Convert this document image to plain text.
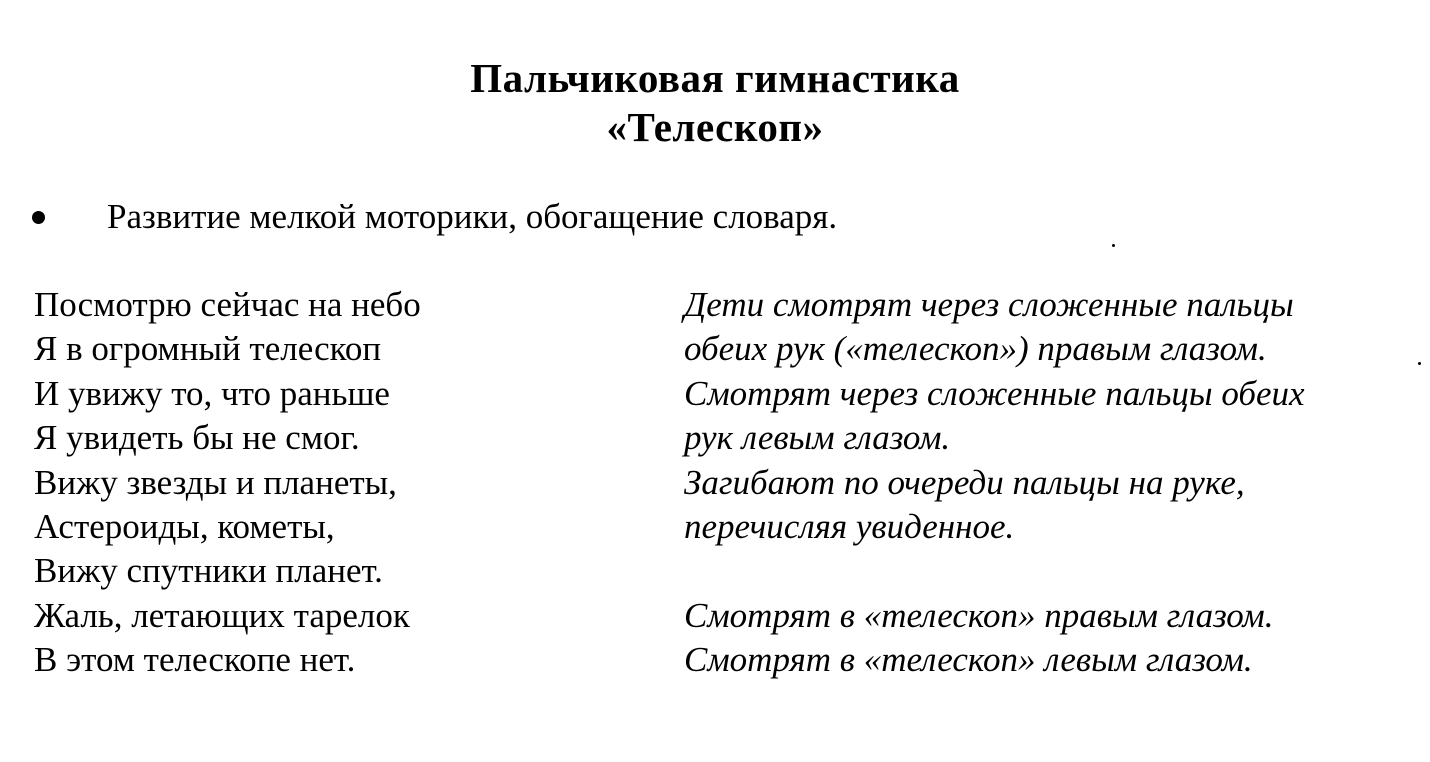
Пальчиковая гимнастика
«Телескоп»
Развитие мелкой моторики, обогащение словаря.
Посмотрю сейчас на небо
Я в огромный телескоп
И увижу то, что раньше
Я увидеть бы не смог.
Вижу звезды и планеты,
Астероиды, кометы,
Вижу спутники планет.
Жаль, летающих тарелок
В этом телескопе нет.
Дети смотрят через сложенные пальцы
обеих рук («телескоп») правым глазом.
Смотрят через сложенные пальцы обеих
рук левым глазом.
Загибают по очереди пальцы на руке,
перечисляя увиденное.
Смотрят в «телескоп» правым глазом.
Смотрят в «телескоп» левым глазом.
